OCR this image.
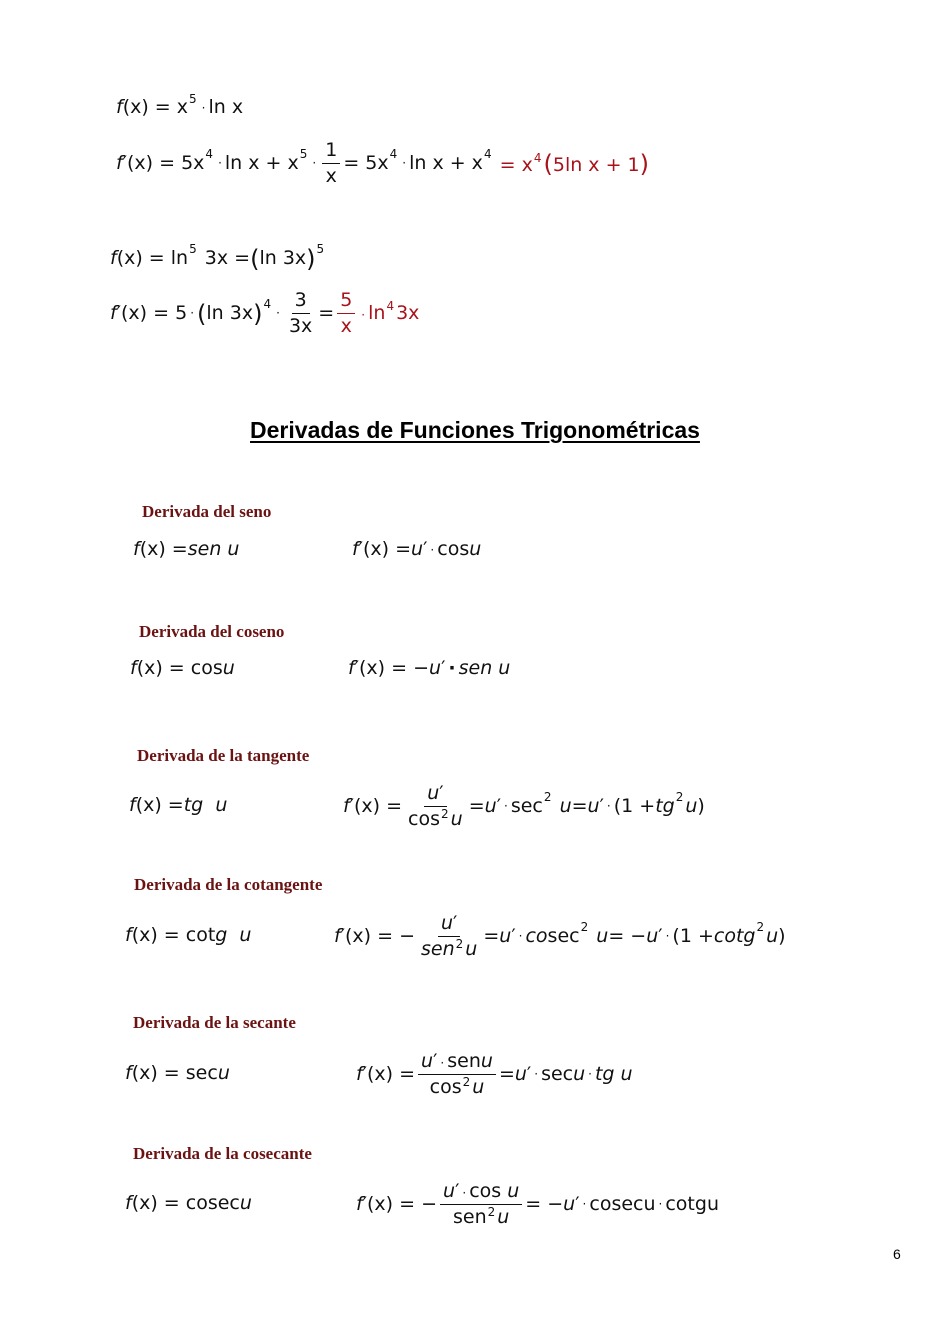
f (x) = x 5
· ln x
f ′(x) = 5x 4
· ln x + x 5
· $\frac{1}{x} = 5x$ 4
· ln x + x 4
= $x^4(5\ln$ x + 1)
f (x) = ln 5 3x = ( ln 3x ) 5
f ′(x) = 5 · ( ln 3x ) 4
· $\frac{3}{3x} = \frac{5}{x} \cdot \ln^4 3x$
Derivadas de Funciones Trigonométricas
Derivada del seno
f (x) = sen u	f ′(x) = u ′ · cos u
Derivada del coseno
f (x) = cos u	f ′(x) = − u ′ · sen u
Derivada de la tangente
f (x) = tg  u	f $'(x) = \frac{u'}{\cos^2 u} = u$ ′ · sec 2
u = u ′ · (1 + tg 2 u )
Derivada de la cotangente
f (x) = cot g  u	f ′(x) = − $\frac{u'}{sen^2 u} = u$ ′ · co sec 2
u = − u ′ · (1 + cotg 2 u )
Derivada de la secante
f (x) = sec u	f $'(x) = \frac{\text{u′ · senu}}{\cos^2 u} = u$ ′ · sec u · tg u
Derivada de la cosecante
f (x) = cosec u	f ′(x) = − $\frac{\text{u′ · cos u}}{sen^2 u}$ = − u ′ · cosecu · cotgu
6
